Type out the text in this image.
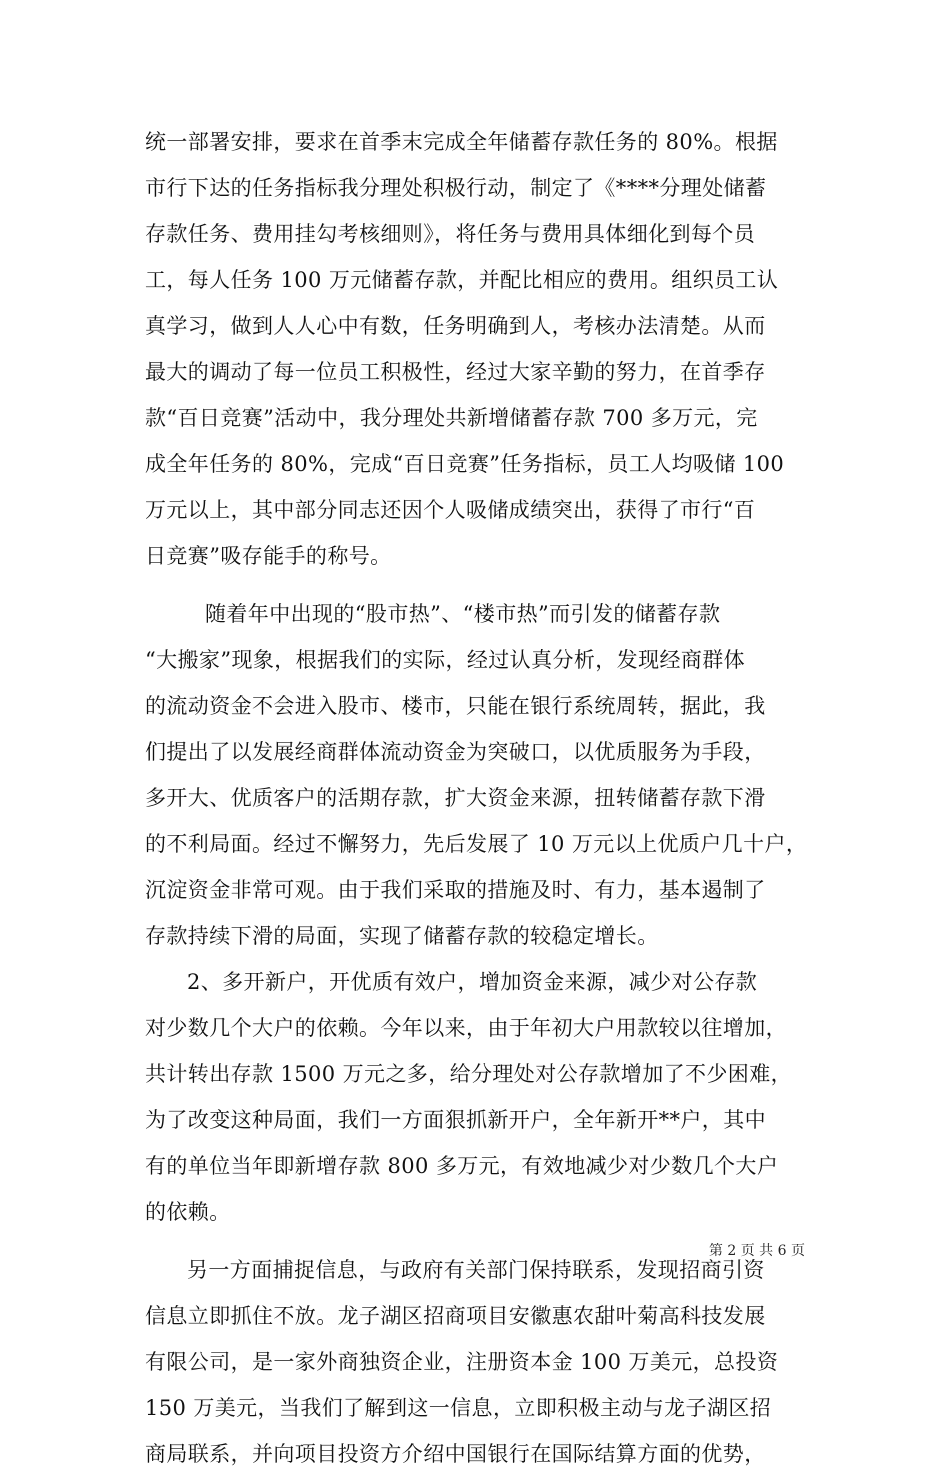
统一部署安排，要求在首季末完成全年储蓄存款任务的 80%。根据
市行下达的任务指标我分理处积极行动，制定了《****分理处储蓄
存款任务、费用挂勾考核细则》，将任务与费用具体细化到每个员
工，每人任务 100 万元储蓄存款，并配比相应的费用。组织员工认
真学习，做到人人心中有数，任务明确到人，考核办法清楚。从而
最大的调动了每一位员工积极性，经过大家辛勤的努力，在首季存
款“百日竞赛”活动中，我分理处共新增储蓄存款 700 多万元，完
成全年任务的 80%，完成“百日竞赛”任务指标，员工人均吸储 100
万元以上，其中部分同志还因个人吸储成绩突出，获得了市行“百
日竞赛”吸存能手的称号。
随着年中出现的“股市热”、“楼市热”而引发的储蓄存款
“大搬家”现象，根据我们的实际，经过认真分析，发现经商群体
的流动资金不会进入股市、楼市，只能在银行系统周转，据此，我
们提出了以发展经商群体流动资金为突破口，以优质服务为手段，
多开大、优质客户的活期存款，扩大资金来源，扭转储蓄存款下滑
的不利局面。经过不懈努力，先后发展了 10 万元以上优质户几十户，
沉淀资金非常可观。由于我们采取的措施及时、有力，基本遏制了
存款持续下滑的局面，实现了储蓄存款的较稳定增长。
2、多开新户，开优质有效户，增加资金来源，减少对公存款
对少数几个大户的依赖。今年以来，由于年初大户用款较以往增加，
共计转出存款 1500 万元之多，给分理处对公存款增加了不少困难，
为了改变这种局面，我们一方面狠抓新开户，全年新开**户，其中
有的单位当年即新增存款 800 多万元，有效地减少对少数几个大户
的依赖。
另一方面捕捉信息，与政府有关部门保持联系，发现招商引资
信息立即抓住不放。龙子湖区招商项目安徽惠农甜叶菊高科技发展
有限公司，是一家外商独资企业，注册资本金 100 万美元，总投资
150 万美元，当我们了解到这一信息，立即积极主动与龙子湖区招
商局联系，并向项目投资方介绍中国银行在国际结算方面的优势，
第 2 页 共 6 页
